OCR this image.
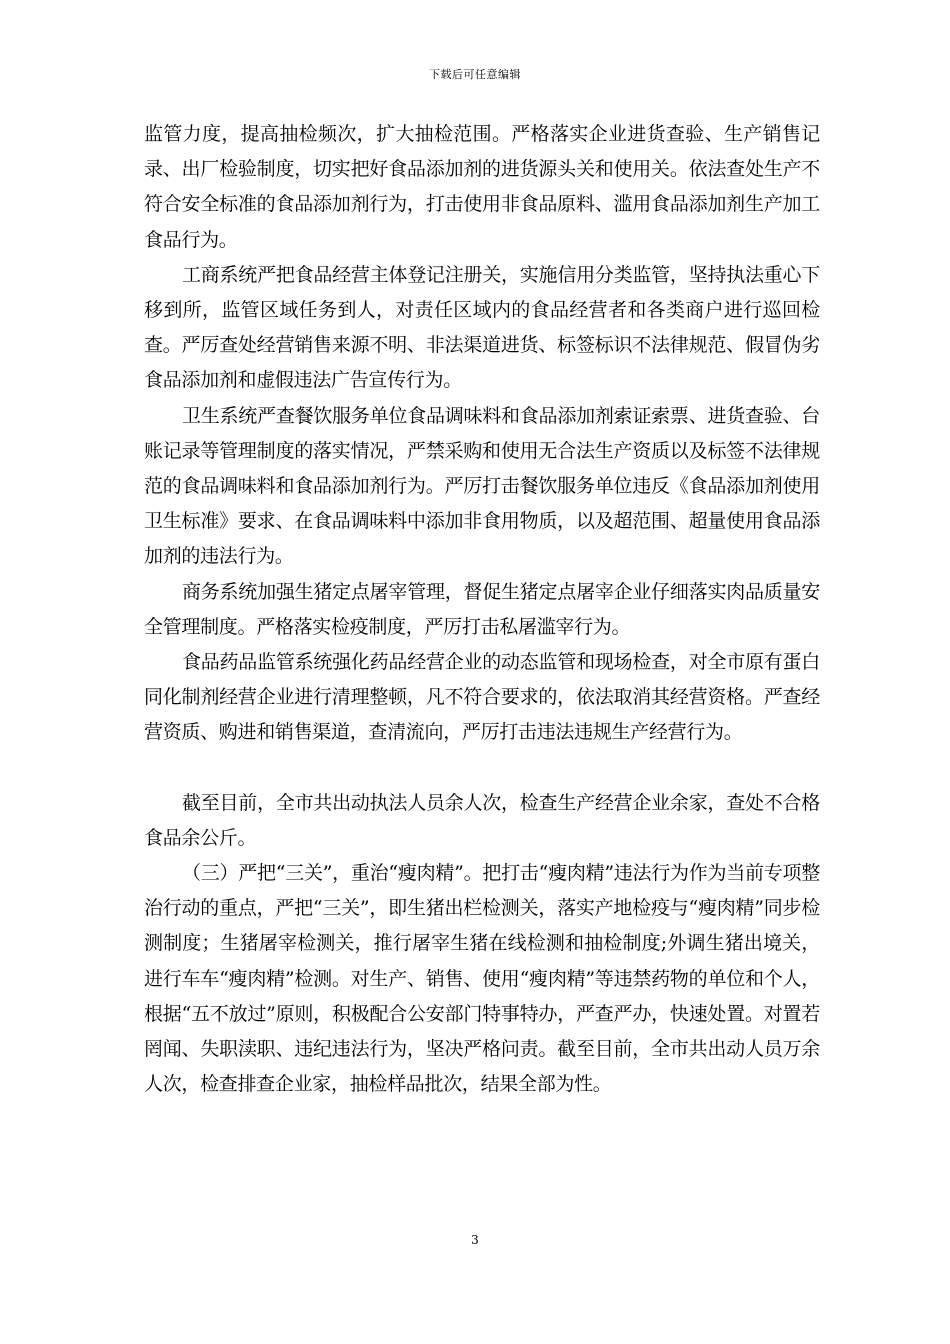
下载后可任意编辑

监管力度，提高抽检频次，扩大抽检范围。严格落实企业进货查验、生产销售记录、出厂检验制度，切实把好食品添加剂的进货源头关和使用关。依法查处生产不符合安全标准的食品添加剂行为，打击使用非食品原料、滥用食品添加剂生产加工食品行为。

工商系统严把食品经营主体登记注册关，实施信用分类监管，坚持执法重心下移到所，监管区域任务到人，对责任区域内的食品经营者和各类商户进行巡回检查。严厉查处经营销售来源不明、非法渠道进货、标签标识不法律规范、假冒伪劣食品添加剂和虚假违法广告宣传行为。

卫生系统严查餐饮服务单位食品调味料和食品添加剂索证索票、进货查验、台账记录等管理制度的落实情况，严禁采购和使用无合法生产资质以及标签不法律规范的食品调味料和食品添加剂行为。严厉打击餐饮服务单位违反《食品添加剂使用卫生标准》要求、在食品调味料中添加非食用物质，以及超范围、超量使用食品添加剂的违法行为。

商务系统加强生猪定点屠宰管理，督促生猪定点屠宰企业仔细落实肉品质量安全管理制度。严格落实检疫制度，严厉打击私屠滥宰行为。

食品药品监管系统强化药品经营企业的动态监管和现场检查，对全市原有蛋白同化制剂经营企业进行清理整顿，凡不符合要求的，依法取消其经营资格。严查经营资质、购进和销售渠道，查清流向，严厉打击违法违规生产经营行为。

截至目前，全市共出动执法人员余人次，检查生产经营企业余家，查处不合格食品余公斤。

（三）严把“三关”，重治“瘦肉精”。把打击“瘦肉精”违法行为作为当前专项整治行动的重点，严把“三关”，即生猪出栏检测关，落实产地检疫与“瘦肉精”同步检测制度；生猪屠宰检测关，推行屠宰生猪在线检测和抽检制度;外调生猪出境关，进行车车“瘦肉精”检测。对生产、销售、使用“瘦肉精”等违禁药物的单位和个人，根据“五不放过”原则，积极配合公安部门特事特办，严查严办，快速处置。对置若罔闻、失职渎职、违纪违法行为，坚决严格问责。截至目前，全市共出动人员万余人次，检查排查企业家，抽检样品批次，结果全部为性。

3
